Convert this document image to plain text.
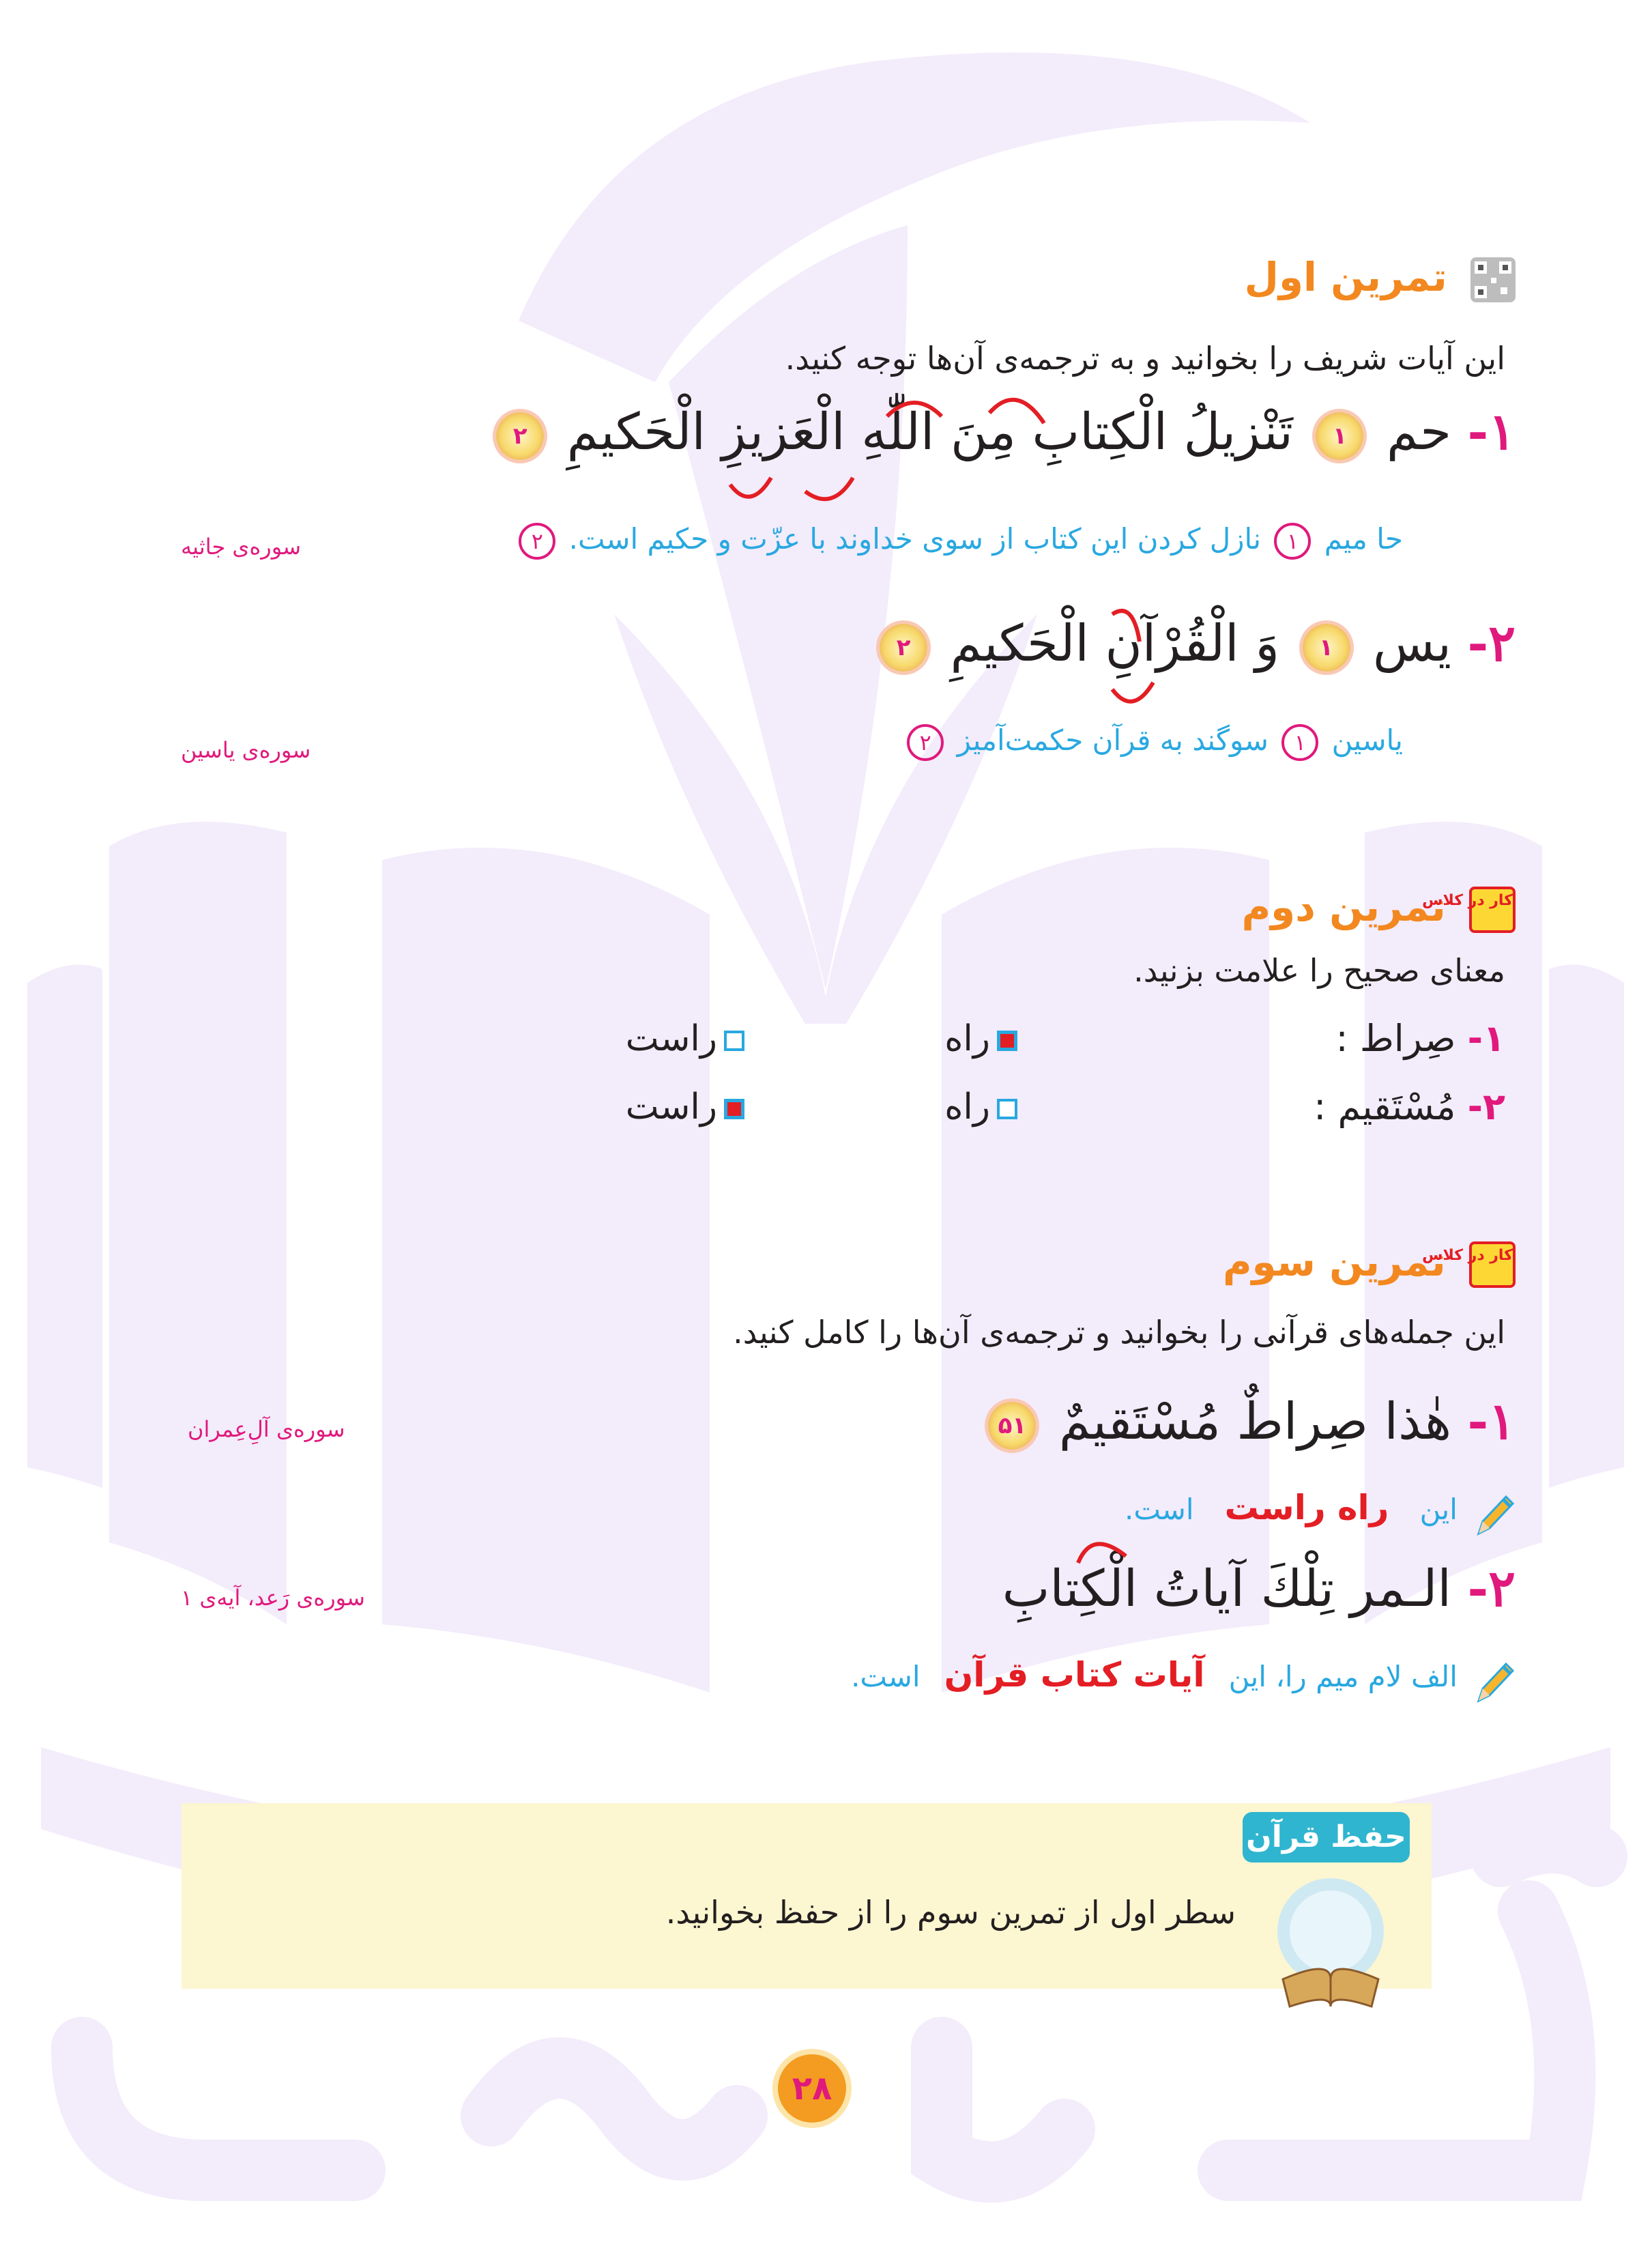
تمرین اول
این آیات شریف را بخوانید و به ترجمه‌ی آن‌ها توجه کنید.
۱- حم ۱ تَنْزيلُ الْكِتابِ مِنَ اللّٰهِ الْعَزيزِ الْحَكيمِ ۲
حا میم ۱ نازل کردن این کتاب از سوی خداوند با عزّت و حکیم است. ۲
سوره‌ی جاثیه
۲- یس ۱ وَ الْقُرْآنِ الْحَكيمِ ۲
یاسین ۱ سوگند به قرآن حکمت‌آمیز ۲
سوره‌ی یاسین
کار در کلاس تمرین دوم
معنای صحیح را علامت بزنید.
۱- صِراط :
راه
راست
۲- مُسْتَقيم :
راه
راست
کار در کلاس تمرین سوم
این جمله‌های قرآنی را بخوانید و ترجمه‌ی آن‌ها را کامل کنید.
۱- هٰذا صِراطٌ مُسْتَقيمٌ ۵۱
سوره‌ی آلِ‌عِمران
این راه راست است.
۲- الـمر تِلْكَ آياتُ الْكِتابِ
سوره‌ی رَعد، آیه‌ی ۱
الف لام میم را، این آیات کتاب قرآن است.
حفظ قرآن
سطر اول از تمرین سوم را از حفظ بخوانید.
۲۸
